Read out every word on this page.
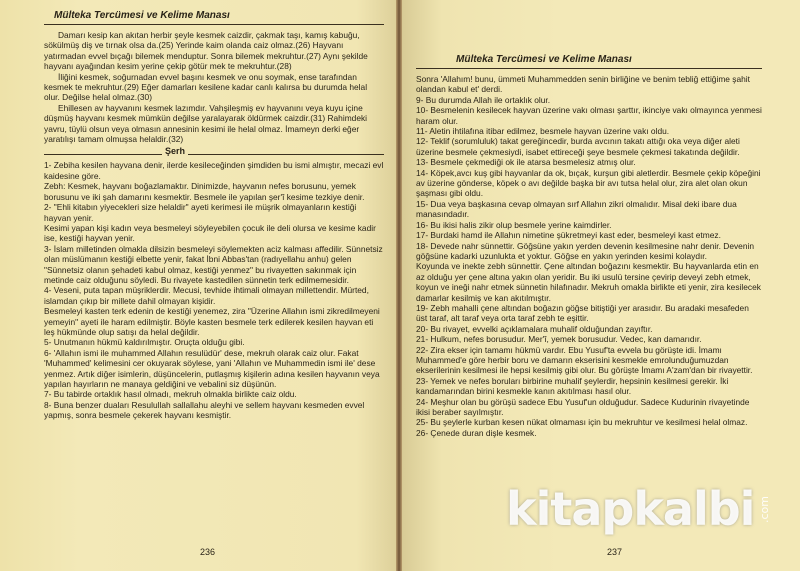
Mülteka Tercümesi ve Kelime Manası

Damarı kesip kan akıtan herbir şeyle kesmek caizdir, çakmak taşı, kamış kabuğu, sökülmüş diş ve tırnak olsa da.(25) Yerinde kaim olanda caiz olmaz.(26) Hayvanı yatırmadan evvel bıçağı bilemek menduptur. Sonra bilemek mekruhtur.(27) Aynı şekilde hayvanı ayağından kesim yerine çekip götür mek te mekruhtur.(28)

İliğini kesmek, soğurnadan evvel başını kesmek ve onu soymak, ense tarafından kesmek te mekruhtur.(29) Eğer damarları kesilene kadar canlı kalırsa bu durumda helal olur. Değilse helal olmaz.(30)

Ehillesen av hayvanını kesmek lazımdır. Vahşileşmiş ev hayvanını veya kuyu içine düşmüş hayvanı kesmek mümkün değilse yaralayarak öldürmek caizdir.(31) Rahimdeki yavru, tüylü olsun veya olmasın annesinin kesimi ile helal olmaz. İmameyn derki eğer yaratılışı tamam olmuşsa helaldir.(32)

Şerh

1- Zebiha kesilen hayvana denir, ilerde kesileceğinden şimdiden bu ismi almıştır, mecazi evl kaidesine göre.

Zebh: Kesmek, hayvanı boğazlamaktır. Dinimizde, hayvanın nefes borusunu, yemek borusunu ve iki şah damarını kesmektir. Besmele ile yapılan şer'î kesime tezkiye denir.

2- "Ehli kitabın yiyecekleri size helaldir" ayeti kerimesi ile müşrik olmayanların kestiği hayvan yenir.

Kesimi yapan kişi kadın veya besmeleyi söyleyebilen çocuk ile deli olursa ve kesime kadir ise, kestiği hayvan yenir.

3- İslam milletinden olmakla dilsizin besmeleyi söylemekten aciz kalması affedilir. Sünnetsiz olan müslümanın kestiği elbette yenir, fakat İbni Abbas'tan (radıyellahu anhu) gelen "Sünnetsiz olanın şehadeti kabul olmaz, kestiği yenmez" bu rivayetten sakınmak için metinde caiz olduğunu söyledi. Bu rivayete kastedilen sünnetin terk edilmemesidir.

4- Veseni, puta tapan müşriklerdir. Mecusi, tevhide ihtimali olmayan millettendir. Mürted, islamdan çıkıp bir millete dahil olmayan kişidir.

Besmeleyi kasten terk edenin de kestiği yenemez, zira "Üzerine Allahın ismi zikredilmeyeni yemeyin" ayeti ile haram edilmiştir. Böyle kasten besmele terk edilerek kesilen hayvan eti leş hükmünde olup satışı da helal değildir.

5- Unutmanın hükmü kaldırılmıştır. Oruçta olduğu gibi.

6- 'Allahın ismi ile muhammed Allahın resulüdür' dese, mekruh olarak caiz olur. Fakat 'Muhammed' kelimesini cer okuyarak söylese, yani 'Allahın ve Muhammedin ismi ile' dese yenmez. Artık diğer isimlerin, düşüncelerin, putlaşmış kişilerin adına kesilen hayvanın veya yapılan hayırların ne manaya geldiğini ve vebalini siz düşünün.

7- Bu tabirde ortaklık hasıl olmadı, mekruh olmakla birlikte caiz oldu.

8- Buna benzer duaları Resulullah sallallahu aleyhi ve sellem hayvanı kesmeden evvel yapmış, sonra besmele çekerek hayvanı kesmiştir.

236
Mülteka Tercümesi ve Kelime Manası

Sonra 'Allahım! bunu, ümmeti Muhammedden senin birliğine ve benim tebliğ ettiğime şahit olandan kabul et' derdi.

9- Bu durumda Allah ile ortaklık olur.

10- Besmelenin kesilecek hayvan üzerine vakı olması şarttır, ikinciye vakı olmayınca yenmesi haram olur.

11- Aletin ihtilafına itibar edilmez, besmele hayvan üzerine vakı oldu.

12- Teklif (sorumluluk) takat gereğincedir, burda avcının takatı attığı oka veya diğer aleti üzerine besmele çekmesiydi, isabet ettireceği şeye besmele çekmesi takatında değildir.

13- Besmele çekmediği ok ile atarsa besmelesiz atmış olur.

14- Köpek,avcı kuş gibi hayvanlar da ok, bıçak, kurşun gibi aletlerdir. Besmele çekip köpeğini av üzerine gönderse, köpek o avı değilde başka bir avı tutsa helal olur, zira alet olan okun şaşması gibi oldu.

15- Dua veya başkasına cevap olmayan sırf Allahın zikri olmalıdır. Misal deki ibare dua manasındadır.

16- Bu ikisi halis zikir olup besmele yerine kaimdirler.

17- Burdaki hamd ile Allahın nimetine şükretmeyi kast eder, besmeleyi kast etmez.

18- Devede nahr sünnettir. Göğsüne yakın yerden devenin kesilmesine nahr denir. Devenin göğsüne kadarki uzunlukta et yoktur. Göğse en yakın yerinden kesimi kolaydır.

Koyunda ve inekte zebh sünnettir. Çene altından boğazını kesmektir. Bu hayvanlarda etin en az olduğu yer çene altına yakın olan yeridir. Bu iki usulü tersine çevirip deveyi zebh etmek, koyun ve ineği nahr etmek sünnetin hilafınadır. Mekruh omakla birlikte eti yenir, zira kesilecek damarlar kesilmiş ve kan akıtılmıştır.

19- Zebh mahalli çene altından boğazın göğse bitiştiği yer arasıdır. Bu aradaki mesafeden üst taraf, alt taraf veya orta taraf zebh te eşittir.

20- Bu rivayet, evvelki açıklamalara muhalif olduğundan zayıftır.

21- Hulkum, nefes borusudur. Mer'î, yemek borusudur. Vedec, kan damarıdır.

22- Zira ekser için tamamı hükmü vardır. Ebu Yusuf'ta evvela bu görüşte idi. İmamı Muhammed'e göre herbir boru ve damarın ekserisini kesmekle emrolunduğumuzdan ekserilerinin kesilmesi ile hepsi kesilmiş gibi olur. Bu görüşte İmamı A'zam'dan bir rivayettir.

23- Yemek ve nefes boruları birbirine muhalif şeylerdir, hepsinin kesilmesi gerekir. İki kandamarından birini kesmekle kanın akıtılması hasıl olur.

24- Meşhur olan bu görüşü sadece Ebu Yusuf'un olduğudur. Sadece Kudurinin rivayetinde ikisi beraber sayılmıştır.

25- Bu şeylerle kurban kesen nükat olmaması için bu mekruhtur ve kesilmesi helal olmaz.

26- Çenede duran dişle kesmek.

237
kitapkalbi .com
